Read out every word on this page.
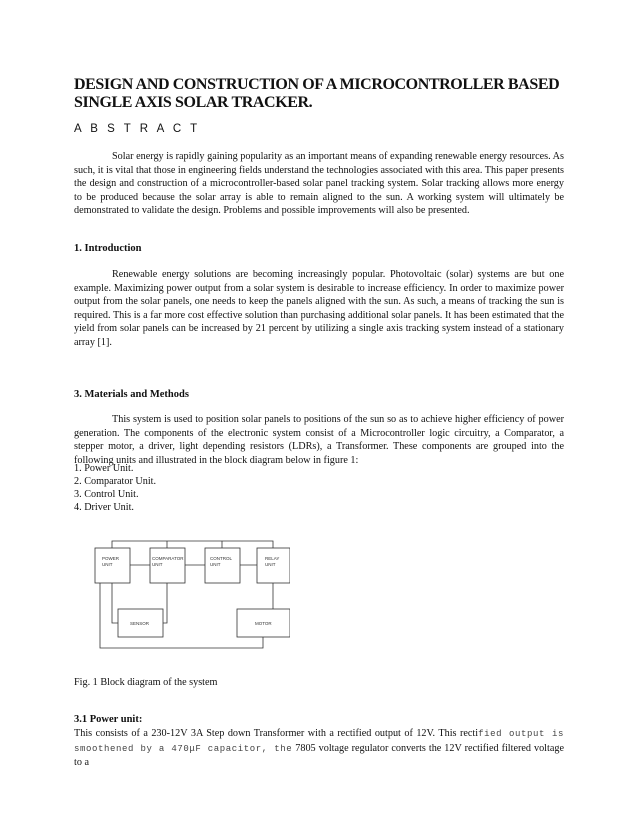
DESIGN AND CONSTRUCTION OF A MICROCONTROLLER BASED
SINGLE AXIS SOLAR TRACKER.
A B S T R A C T
Solar energy is rapidly gaining popularity as an important means of expanding renewable energy resources. As such, it is vital that those in engineering fields understand the technologies associated with this area. This paper presents the design and construction of a microcontroller-based solar panel tracking system. Solar tracking allows more energy to be produced because the solar array is able to remain aligned to the sun. A working system will ultimately be demonstrated to validate the design. Problems and possible improvements will also be presented.
1. Introduction
Renewable energy solutions are becoming increasingly popular. Photovoltaic (solar) systems are but one example. Maximizing power output from a solar system is desirable to increase efficiency. In order to maximize power output from the solar panels, one needs to keep the panels aligned with the sun. As such, a means of tracking the sun is required. This is a far more cost effective solution than purchasing additional solar panels. It has been estimated that the yield from solar panels can be increased by 21 percent by utilizing a single axis tracking system instead of a stationary array [1].
3. Materials and Methods
This system is used to position solar panels to positions of the sun so as to achieve higher efficiency of power generation. The components of the electronic system consist of a Microcontroller logic circuitry, a Comparator, a stepper motor, a driver, light depending resistors (LDRs), a Transformer. These components are grouped into the following units and illustrated in the block diagram below in figure 1:
1. Power Unit.
2. Comparator Unit.
3. Control Unit.
4. Driver Unit.
POWER
UNIT
COMPARATOR
UNIT
CONTROL
UNIT
RELAY
UNIT
SENSOR	MOTOR
Fig. 1 Block diagram of the system
3.1 Power unit:
This consists of a 230-12V 3A Step down Transformer with a rectified output of 12V. This rectified output is smoothened by a 470μF capacitor, the 7805 voltage regulator converts the 12V rectified filtered voltage to a
